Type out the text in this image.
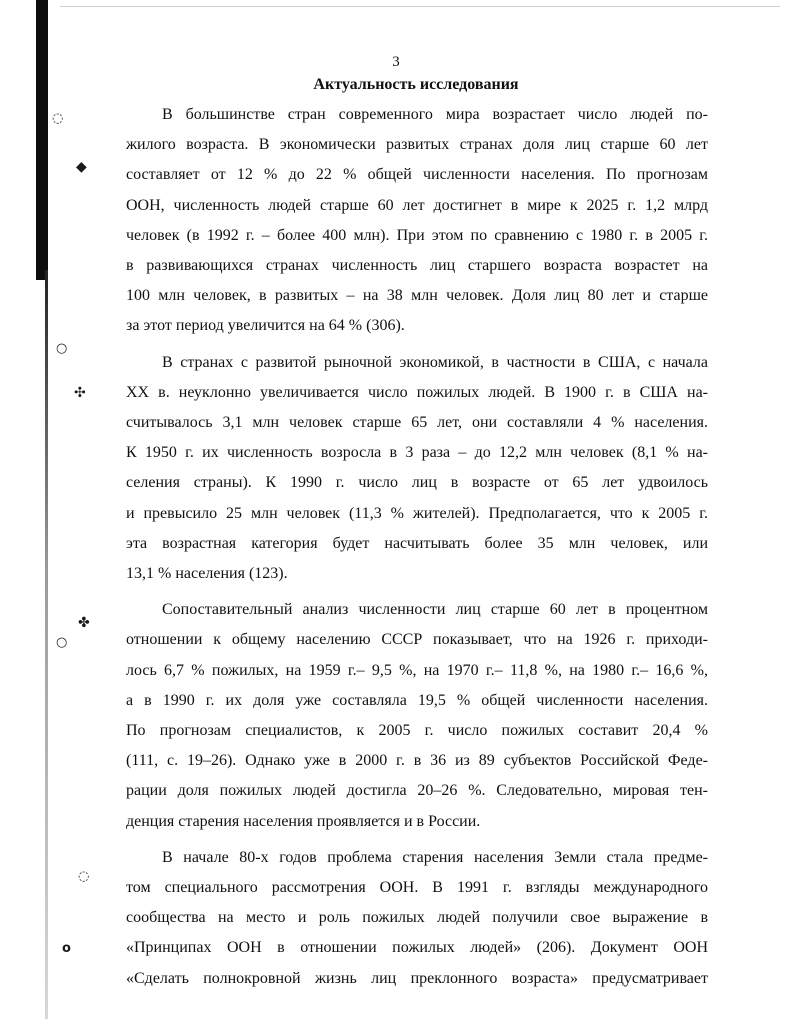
◌
◆
○
✣
✤
○
◌
o
3
Актуальность исследования

В большинстве стран современного мира возрастает число людей по-
жилого возраста. В экономически развитых странах доля лиц старше 60 лет
составляет от 12 % до 22 % общей численности населения. По прогнозам
ООН, численность людей старше 60 лет достигнет в мире к 2025 г. 1,2 млрд
человек (в 1992 г. – более 400 млн). При этом по сравнению с 1980 г. в 2005 г.
в развивающихся странах численность лиц старшего возраста возрастет на
100 млн человек, в развитых – на 38 млн человек. Доля лиц 80 лет и старше
за этот период увеличится на 64 % (306).

В странах с развитой рыночной экономикой, в частности в США, с начала
XX в. неуклонно увеличивается число пожилых людей. В 1900 г. в США на-
считывалось 3,1 млн человек старше 65 лет, они составляли 4 % населения.
К 1950 г. их численность возросла в 3 раза – до 12,2 млн человек (8,1 % на-
селения страны). К 1990 г. число лиц в возрасте от 65 лет удвоилось
и превысило 25 млн человек (11,3 % жителей). Предполагается, что к 2005 г.
эта возрастная категория будет насчитывать более 35 млн человек, или
13,1 % населения (123).

Сопоставительный анализ численности лиц старше 60 лет в процентном
отношении к общему населению СССР показывает, что на 1926 г. приходи-
лось 6,7 % пожилых, на 1959 г.– 9,5 %, на 1970 г.– 11,8 %, на 1980 г.– 16,6 %,
а в 1990 г. их доля уже составляла 19,5 % общей численности населения.
По прогнозам специалистов, к 2005 г. число пожилых составит 20,4 %
(111, с. 19–26). Однако уже в 2000 г. в 36 из 89 субъектов Российской Феде-
рации доля пожилых людей достигла 20–26 %. Следовательно, мировая тен-
денция старения населения проявляется и в России.

В начале 80-х годов проблема старения населения Земли стала предме-
том специального рассмотрения ООН. В 1991 г. взгляды международного
сообщества на место и роль пожилых людей получили свое выражение в
«Принципах ООН в отношении пожилых людей» (206). Документ ООН
«Сделать полнокровной жизнь лиц преклонного возраста» предусматривает
